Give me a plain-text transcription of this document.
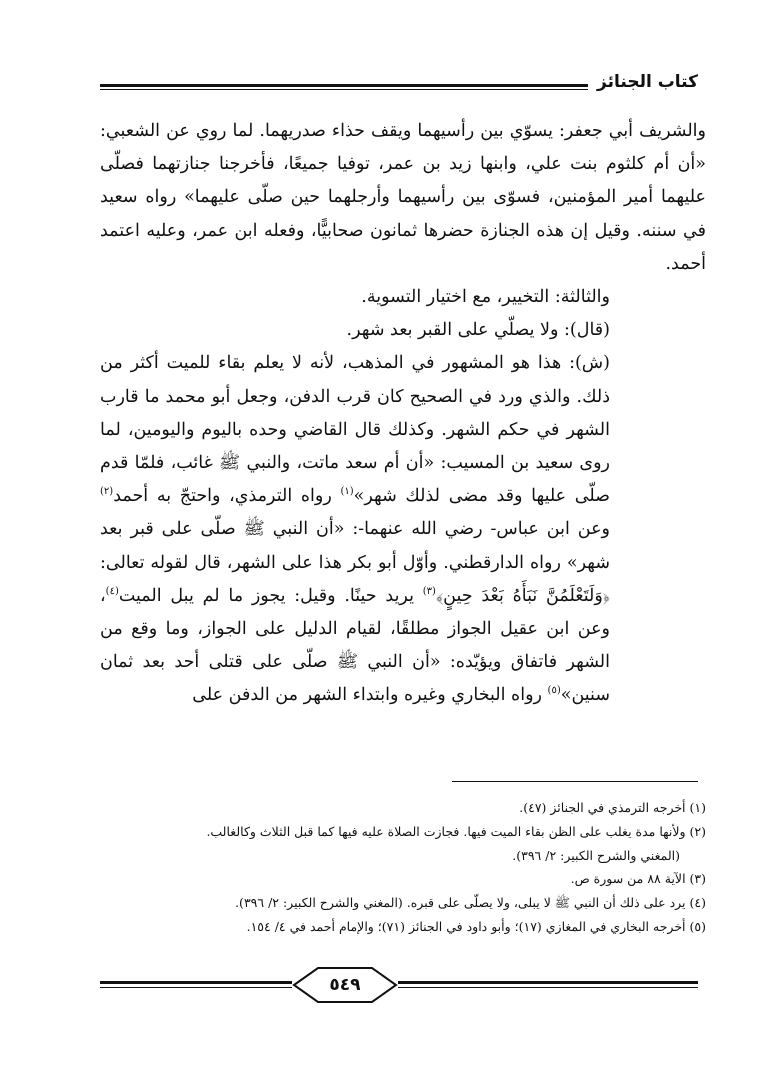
كتاب الجنائز

والشريف أبي جعفر: يسوّي بين رأسيهما ويقف حذاء صدريهما. لما روي عن الشعبي: «أن أم كلثوم بنت علي، وابنها زيد بن عمر، توفيا جميعًا، فأخرجنا جنازتهما فصلّى عليهما أمير المؤمنين، فسوّى بين رأسيهما وأرجلهما حين صلّى عليهما» رواه سعيد في سننه. وقيل إن هذه الجنازة حضرها ثمانون صحابيًّا، وفعله ابن عمر، وعليه اعتمد أحمد.

والثالثة: التخيير، مع اختيار التسوية.

(قال): ولا يصلّي على القبر بعد شهر.

(ش): هذا هو المشهور في المذهب، لأنه لا يعلم بقاء للميت أكثر من ذلك. والذي ورد في الصحيح كان قرب الدفن، وجعل أبو محمد ما قارب الشهر في حكم الشهر. وكذلك قال القاضي وحده باليوم واليومين، لما روى سعيد بن المسيب: «أن أم سعد ماتت، والنبي ﷺ غائب، فلمّا قدم صلّى عليها وقد مضى لذلك شهر»$^{(١)}$ رواه الترمذي، واحتجّ به أحمد$^{(٢)}$ وعن ابن عباس- رضي الله عنهما-: «أن النبي ﷺ صلّى على قبر بعد شهر» رواه الدارقطني. وأوّل أبو بكر هذا على الشهر، قال لقوله تعالى: ﴿وَلَتَعْلَمُنَّ نَبَأَهُ بَعْدَ حِينٍ﴾$^{(٣)}$ يريد حينًا. وقيل: يجوز ما لم يبل الميت$^{(٤)}$، وعن ابن عقيل الجواز مطلقًا، لقيام الدليل على الجواز، وما وقع من الشهر فاتفاق ويؤيّده: «أن النبي ﷺ صلّى على قتلى أحد بعد ثمان سنين»$^{(٥)}$ رواه البخاري وغيره وابتداء الشهر من الدفن على

(١) أخرجه الترمذي في الجنائز (٤٧).

(٢) ولأنها مدة يغلب على الظن بقاء الميت فيها. فجازت الصلاة عليه فيها كما قبل الثلاث وكالغالب.

(المغني والشرح الكبير: ٢/ ٣٩٦).

(٣) الآية ٨٨ من سورة ص.

(٤) يرد على ذلك أن النبي ﷺ لا يبلى، ولا يصلّى على قبره. (المغني والشرح الكبير: ٢/ ٣٩٦).

(٥) أخرجه البخاري في المغازي (١٧)؛ وأبو داود في الجنائز (٧١)؛ والإمام أحمد في ٤/ ١٥٤.

٥٤٩
